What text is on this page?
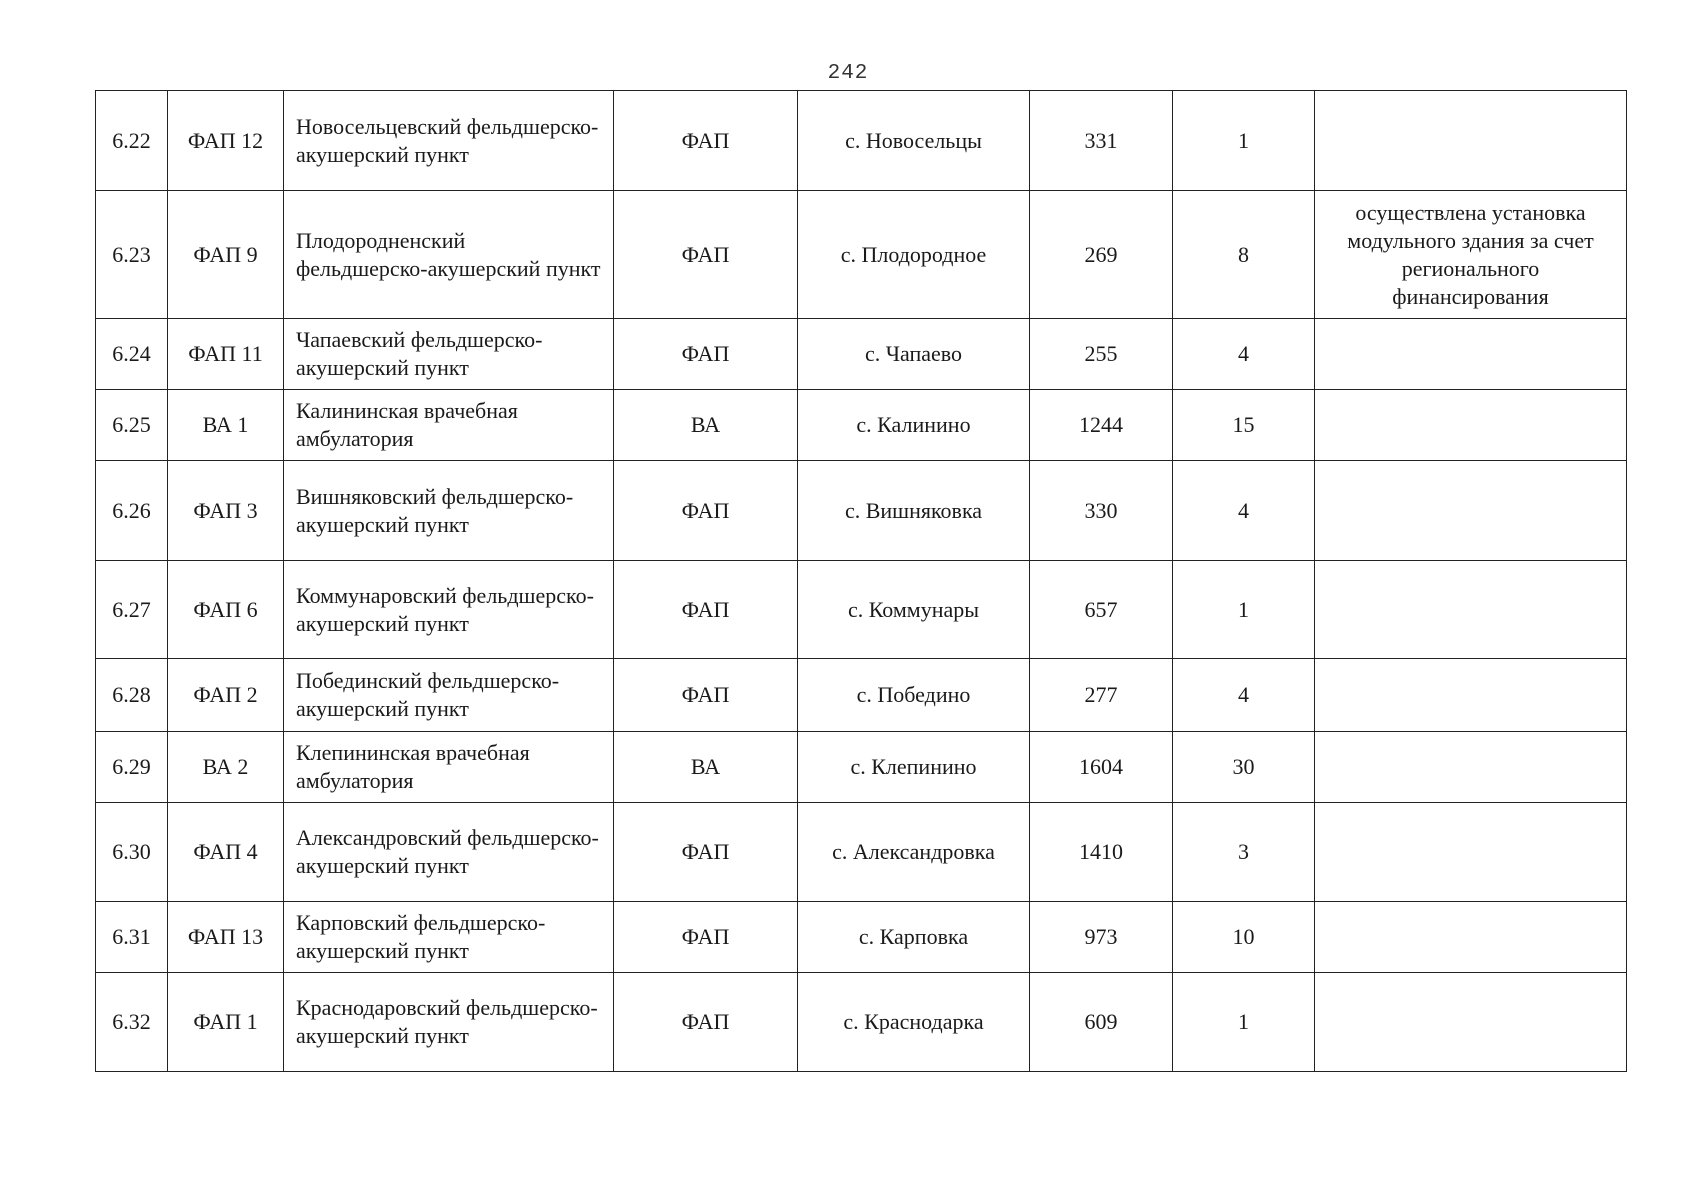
242
6.22	ФАП 12	Новосельцевский фельдшерско-акушерский пункт	ФАП	с. Новосельцы	331	1	
6.23	ФАП 9	Плодородненский фельдшерско-акушерский пункт	ФАП	с. Плодородное	269	8	осуществлена установка модульного здания за счет регионального финансирования
6.24	ФАП 11	Чапаевский фельдшерско-акушерский пункт	ФАП	с. Чапаево	255	4	
6.25	ВА 1	Калининская врачебная амбулатория	ВА	с. Калинино	1244	15	
6.26	ФАП 3	Вишняковский фельдшерско-акушерский пункт	ФАП	с. Вишняковка	330	4	
6.27	ФАП 6	Коммунаровский фельдшерско-акушерский пункт	ФАП	с. Коммунары	657	1	
6.28	ФАП 2	Побединский фельдшерско-акушерский пункт	ФАП	с. Победино	277	4	
6.29	ВА 2	Клепининская врачебная амбулатория	ВА	с. Клепинино	1604	30	
6.30	ФАП 4	Александровский фельдшерско-акушерский пункт	ФАП	с. Александровка	1410	3	
6.31	ФАП 13	Карповский фельдшерско-акушерский пункт	ФАП	с. Карповка	973	10	
6.32	ФАП 1	Краснодаровский фельдшерско-акушерский пункт	ФАП	с. Краснодарка	609	1	
